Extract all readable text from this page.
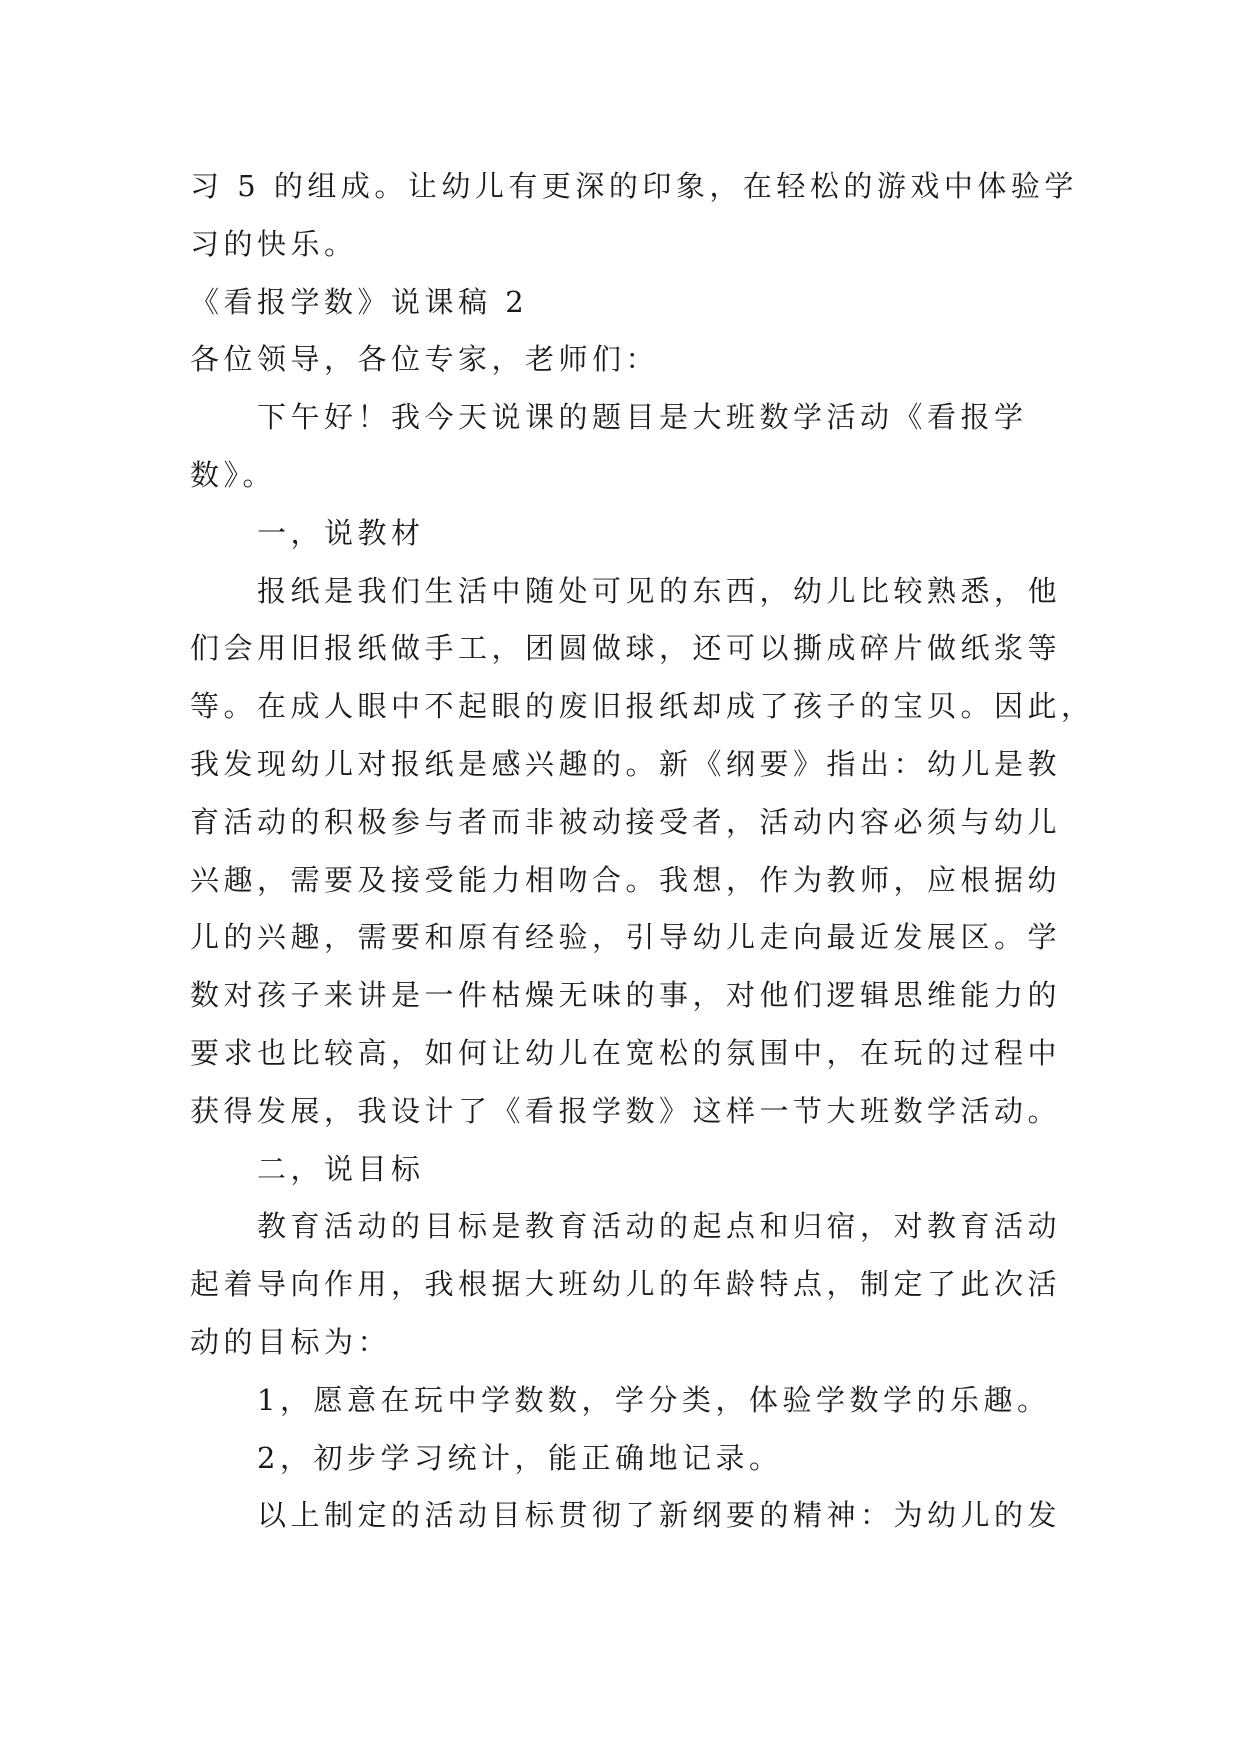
习 5 的组成。让幼儿有更深的印象，在轻松的游戏中体验学
习的快乐。
《看报学数》说课稿 2
各位领导，各位专家，老师们：
下午好！我今天说课的题目是大班数学活动《看报学
数》。
一，说教材
报纸是我们生活中随处可见的东西，幼儿比较熟悉，他
们会用旧报纸做手工，团圆做球，还可以撕成碎片做纸浆等
等。在成人眼中不起眼的废旧报纸却成了孩子的宝贝。因此，
我发现幼儿对报纸是感兴趣的。新《纲要》指出：幼儿是教
育活动的积极参与者而非被动接受者，活动内容必须与幼儿
兴趣，需要及接受能力相吻合。我想，作为教师，应根据幼
儿的兴趣，需要和原有经验，引导幼儿走向最近发展区。学
数对孩子来讲是一件枯燥无味的事，对他们逻辑思维能力的
要求也比较高，如何让幼儿在宽松的氛围中，在玩的过程中
获得发展，我设计了《看报学数》这样一节大班数学活动。
二，说目标
教育活动的目标是教育活动的起点和归宿，对教育活动
起着导向作用，我根据大班幼儿的年龄特点，制定了此次活
动的目标为：
1，愿意在玩中学数数，学分类，体验学数学的乐趣。
2，初步学习统计，能正确地记录。
以上制定的活动目标贯彻了新纲要的精神：为幼儿的发
